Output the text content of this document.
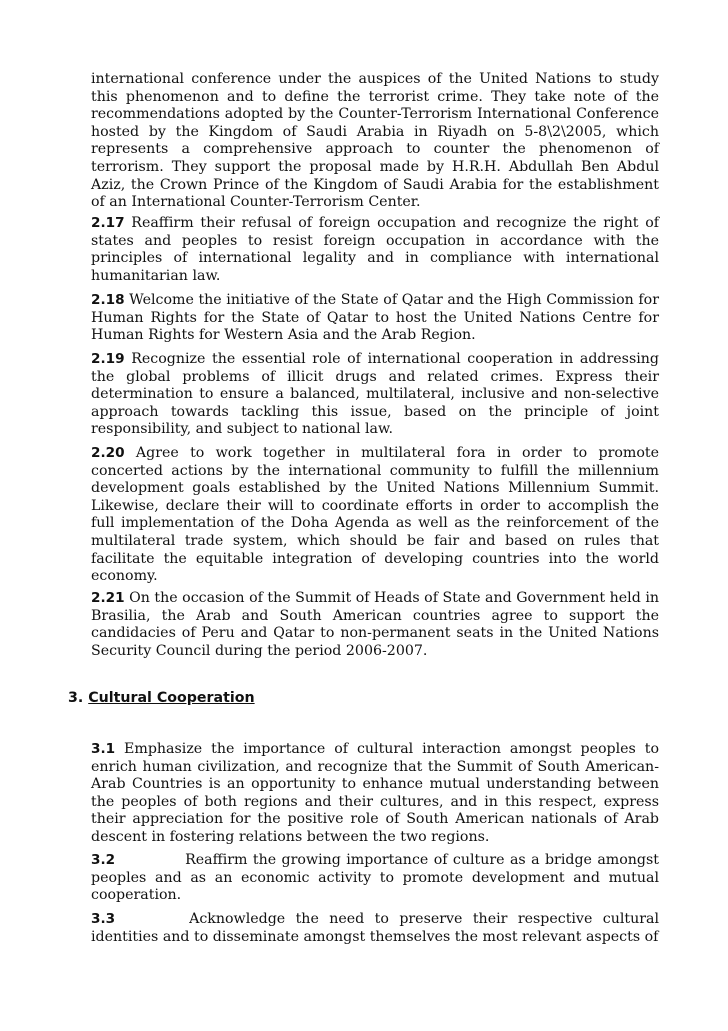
international conference under the auspices of the United Nations to study this phenomenon and to define the terrorist crime. They take note of the recommendations adopted by the Counter-Terrorism International Conference hosted by the Kingdom of Saudi Arabia in Riyadh on 5-8\2\2005, which represents a comprehensive approach to counter the phenomenon of terrorism. They support the proposal made by H.R.H. Abdullah Ben Abdul Aziz, the Crown Prince of the Kingdom of Saudi Arabia for the establishment of an International Counter-Terrorism Center.

2.17 Reaffirm their refusal of foreign occupation and recognize the right of states and peoples to resist foreign occupation in accordance with the principles of international legality and in compliance with international humanitarian law.

2.18 Welcome the initiative of the State of Qatar and the High Commission for Human Rights for the State of Qatar to host the United Nations Centre for Human Rights for Western Asia and the Arab Region.

2.19 Recognize the essential role of international cooperation in addressing the global problems of illicit drugs and related crimes. Express their determination to ensure a balanced, multilateral, inclusive and non-selective approach towards tackling this issue, based on the principle of joint responsibility, and subject to national law.

2.20 Agree to work together in multilateral fora in order to promote concerted actions by the international community to fulfill the millennium development goals established by the United Nations Millennium Summit. Likewise, declare their will to coordinate efforts in order to accomplish the full implementation of the Doha Agenda as well as the reinforcement of the multilateral trade system, which should be fair and based on rules that facilitate the equitable integration of developing countries into the world economy.

2.21 On the occasion of the Summit of Heads of State and Government held in Brasilia, the Arab and South American countries agree to support the candidacies of Peru and Qatar to non-permanent seats in the United Nations Security Council during the period 2006-2007.

3. Cultural Cooperation

3.1 Emphasize the importance of cultural interaction amongst peoples to enrich human civilization, and recognize that the Summit of South American-Arab Countries is an opportunity to enhance mutual understanding between the peoples of both regions and their cultures, and in this respect, express their appreciation for the positive role of South American nationals of Arab descent in fostering relations between the two regions.

3.2	Reaffirm the growing importance of culture as a bridge amongst peoples and as an economic activity to promote development and mutual cooperation.

3.3	Acknowledge the need to preserve their respective cultural identities and to disseminate amongst themselves the most relevant aspects of
